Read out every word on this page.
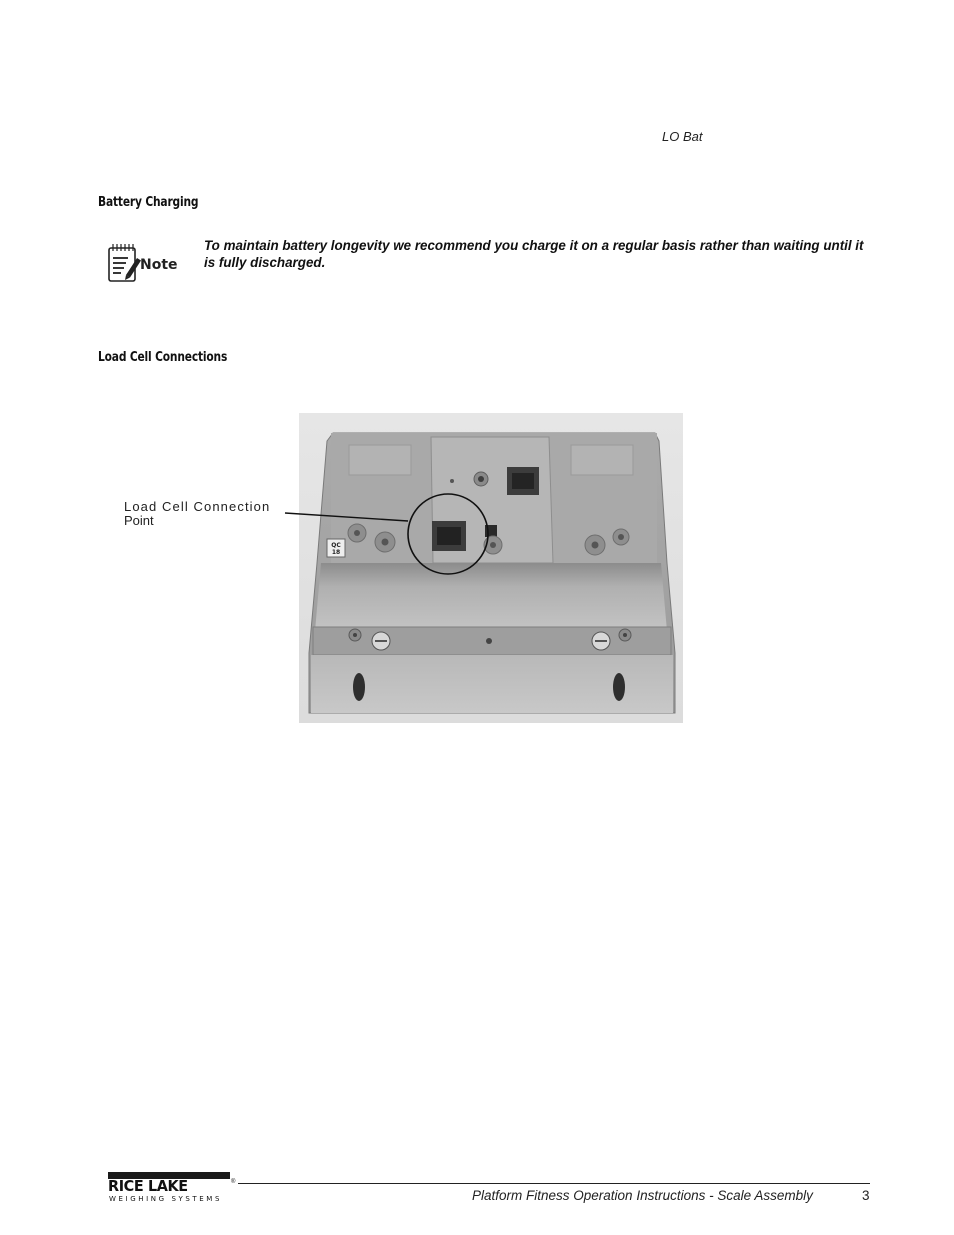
LO Bat
Battery Charging
Note
To maintain battery longevity we recommend you charge it on a regular basis rather than waiting until it is fully discharged.
Load Cell Connections
Load Cell Connection
Point
QC
18
RICE LAKE	®
WEIGHING SYSTEMS	Platform Fitness Operation Instructions - Scale Assembly	3
